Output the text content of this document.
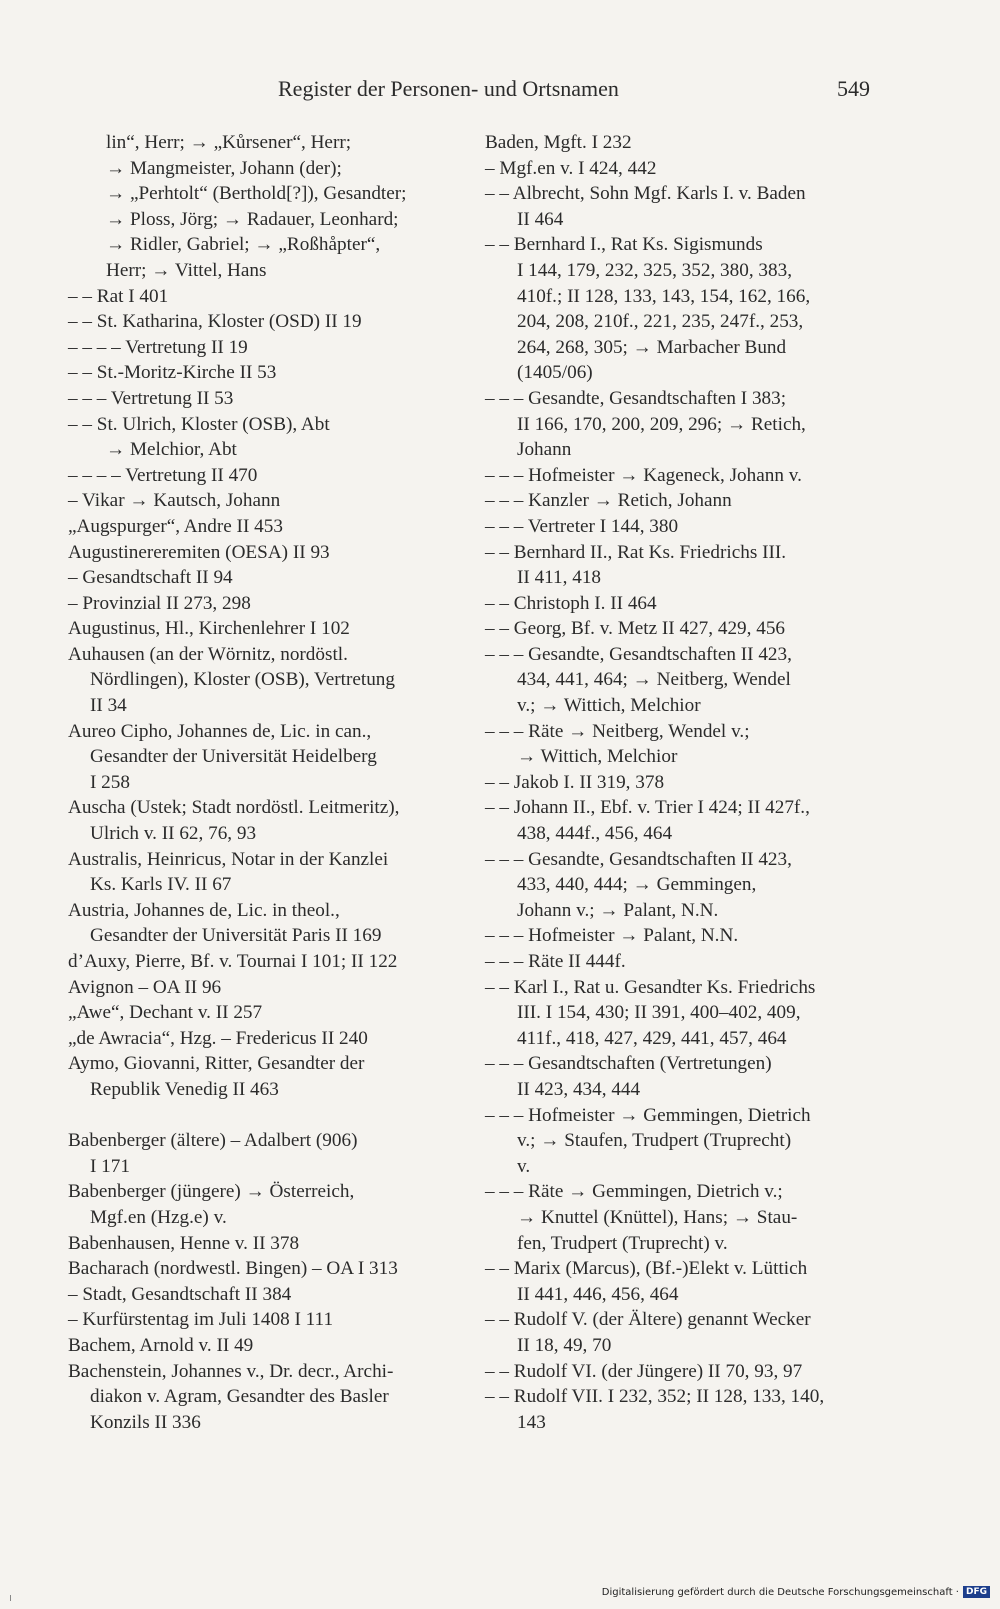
Register der Personen- und Ortsnamen	549
lin“, Herr; → „Kůrsener“, Herr;
→ Mangmeister, Johann (der);
→ „Perhtolt“ (Berthold[?]), Gesandter;
→ Ploss, Jörg; → Radauer, Leonhard;
→ Ridler, Gabriel; → „Roßhåpter“,
Herr; → Vittel, Hans
– – Rat I 401
– – St. Katharina, Kloster (OSD) II 19
– – – – Vertretung II 19
– – St.-Moritz-Kirche II 53
– – – Vertretung II 53
– – St. Ulrich, Kloster (OSB), Abt
→ Melchior, Abt
– – – – Vertretung II 470
– Vikar → Kautsch, Johann
„Augspurger“, Andre II 453
Augustinereremiten (OESA) II 93
– Gesandtschaft II 94
– Provinzial II 273, 298
Augustinus, Hl., Kirchenlehrer I 102
Auhausen (an der Wörnitz, nordöstl.
Nördlingen), Kloster (OSB), Vertretung
II 34
Aureo Cipho, Johannes de, Lic. in can.,
Gesandter der Universität Heidelberg
I 258
Auscha (Ustek; Stadt nordöstl. Leitmeritz),
Ulrich v. II 62, 76, 93
Australis, Heinricus, Notar in der Kanzlei
Ks. Karls IV. II 67
Austria, Johannes de, Lic. in theol.,
Gesandter der Universität Paris II 169
d’Auxy, Pierre, Bf. v. Tournai I 101; II 122
Avignon – OA II 96
„Awe“, Dechant v. II 257
„de Awracia“, Hzg. – Fredericus II 240
Aymo, Giovanni, Ritter, Gesandter der
Republik Venedig II 463
Babenberger (ältere) – Adalbert (906)
I 171
Babenberger (jüngere) → Österreich,
Mgf.en (Hzg.e) v.
Babenhausen, Henne v. II 378
Bacharach (nordwestl. Bingen) – OA I 313
– Stadt, Gesandtschaft II 384
– Kurfürstentag im Juli 1408 I 111
Bachem, Arnold v. II 49
Bachenstein, Johannes v., Dr. decr., Archi-
diakon v. Agram, Gesandter des Basler
Konzils II 336
Baden, Mgft. I 232
– Mgf.en v. I 424, 442
– – Albrecht, Sohn Mgf. Karls I. v. Baden
II 464
– – Bernhard I., Rat Ks. Sigismunds
I 144, 179, 232, 325, 352, 380, 383,
410f.; II 128, 133, 143, 154, 162, 166,
204, 208, 210f., 221, 235, 247f., 253,
264, 268, 305; → Marbacher Bund
(1405/06)
– – – Gesandte, Gesandtschaften I 383;
II 166, 170, 200, 209, 296; → Retich,
Johann
– – – Hofmeister → Kageneck, Johann v.
– – – Kanzler → Retich, Johann
– – – Vertreter I 144, 380
– – Bernhard II., Rat Ks. Friedrichs III.
II 411, 418
– – Christoph I. II 464
– – Georg, Bf. v. Metz II 427, 429, 456
– – – Gesandte, Gesandtschaften II 423,
434, 441, 464; → Neitberg, Wendel
v.; → Wittich, Melchior
– – – Räte → Neitberg, Wendel v.;
→ Wittich, Melchior
– – Jakob I. II 319, 378
– – Johann II., Ebf. v. Trier I 424; II 427f.,
438, 444f., 456, 464
– – – Gesandte, Gesandtschaften II 423,
433, 440, 444; → Gemmingen,
Johann v.; → Palant, N.N.
– – – Hofmeister → Palant, N.N.
– – – Räte II 444f.
– – Karl I., Rat u. Gesandter Ks. Friedrichs
III. I 154, 430; II 391, 400–402, 409,
411f., 418, 427, 429, 441, 457, 464
– – – Gesandtschaften (Vertretungen)
II 423, 434, 444
– – – Hofmeister → Gemmingen, Dietrich
v.; → Staufen, Trudpert (Truprecht)
v.
– – – Räte → Gemmingen, Dietrich v.;
→ Knuttel (Knüttel), Hans; → Stau-
fen, Trudpert (Truprecht) v.
– – Marix (Marcus), (Bf.-)Elekt v. Lüttich
II 441, 446, 456, 464
– – Rudolf V. (der Ältere) genannt Wecker
II 18, 49, 70
– – Rudolf VI. (der Jüngere) II 70, 93, 97
– – Rudolf VII. I 232, 352; II 128, 133, 140,
143
Digitalisierung gefördert durch die Deutsche Forschungsgemeinschaft · DFG
